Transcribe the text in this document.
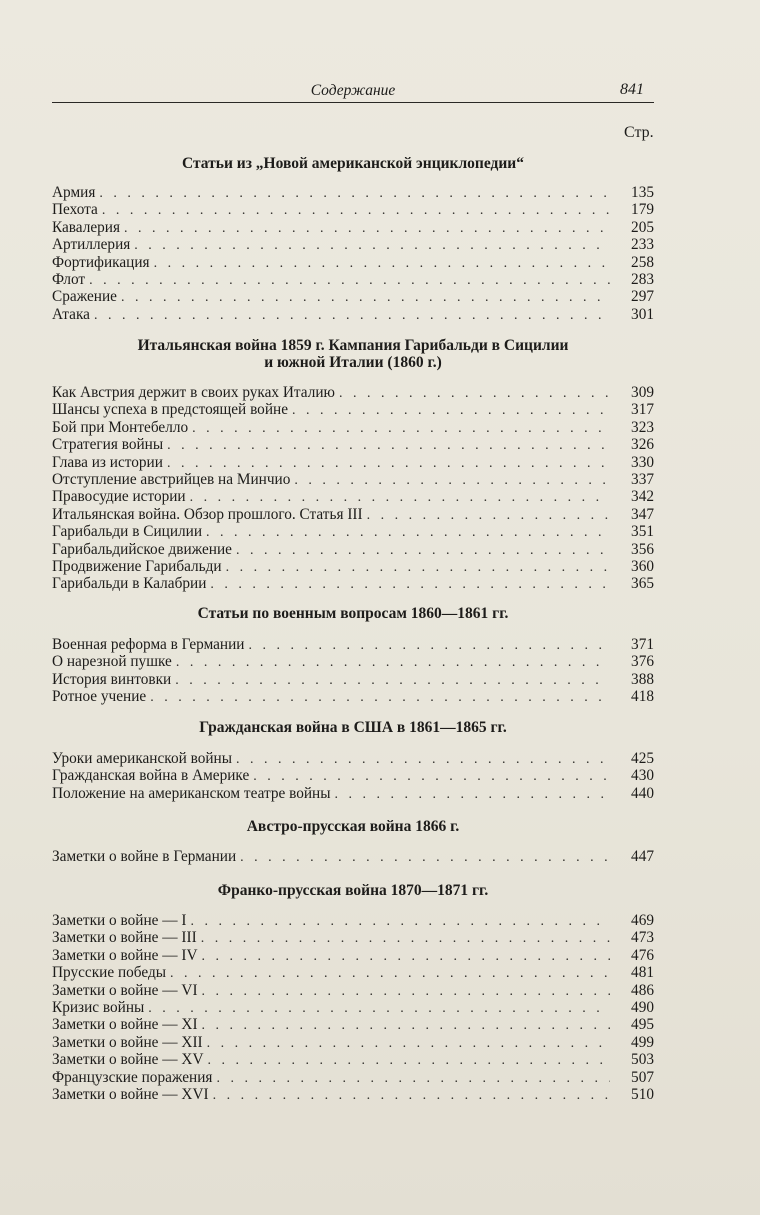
Содержание	841
Стр.
Статьи из „Новой американской энциклопедии“
Армия . . .	135
Пехота . . .	179
Кавалерия . . .	205
Артиллерия . . .	233
Фортификация . . .	258
Флот . . .	283
Сражение . . .	297
Атака . . .	301
Итальянская война 1859 г. Кампания Гарибальди в Сицилии
и южной Италии (1860 г.)
Как Австрия держит в своих руках Италию . . .	309
Шансы успеха в предстоящей войне . . .	317
Бой при Монтебелло . . .	323
Стратегия войны . . .	326
Глава из истории . . .	330
Отступление австрийцев на Минчио . . .	337
Правосудие истории . . .	342
Итальянская война. Обзор прошлого. Статья III . . .	347
Гарибальди в Сицилии . . .	351
Гарибальдийское движение . . .	356
Продвижение Гарибальди . . .	360
Гарибальди в Калабрии . . .	365
Статьи по военным вопросам 1860—1861 гг.
Военная реформа в Германии . . .	371
О нарезной пушке . . .	376
История винтовки . . .	388
Ротное учение . . .	418
Гражданская война в США в 1861—1865 гг.
Уроки американской войны . . .	425
Гражданская война в Америке . . .	430
Положение на американском театре войны . . .	440
Австро-прусская война 1866 г.
Заметки о войне в Германии . . .	447
Франко-прусская война 1870—1871 гг.
Заметки о войне — I . . .	469
Заметки о войне — III . . .	473
Заметки о войне — IV . . .	476
Прусские победы . . .	481
Заметки о войне — VI . . .	486
Кризис войны . . .	490
Заметки о войне — XI . . .	495
Заметки о войне — XII . . .	499
Заметки о войне — XV . . .	503
Французские поражения . . .	507
Заметки о войне — XVI . . .	510
